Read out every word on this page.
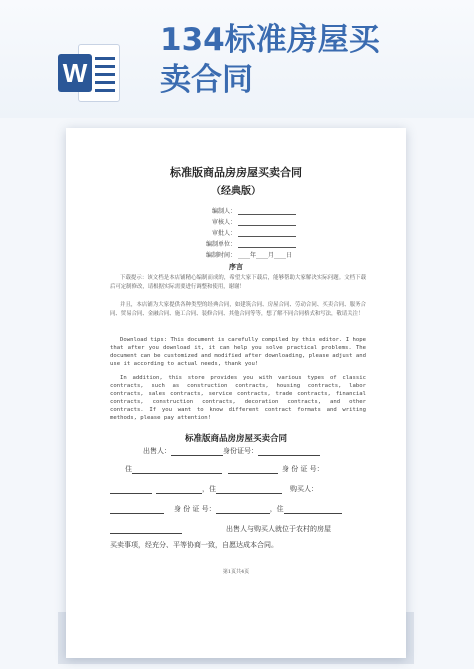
W
134标准房屋买
卖合同
标准版商品房房屋买卖合同
（经典版）
编制人：
审核人：
审批人：
编制单位：
编制时间： ____年____月____日
序言
下载提示：该文档是本店铺精心编制而成的，希望大家下载后，能够帮助大家解决实际问题。文档下载后可定制修改，请根据实际需要进行调整和使用，谢谢！
并且，本店铺为大家提供各种类型的经典合同，如建筑合同、房屋合同、劳动合同、买卖合同、服务合同、贸易合同、金融合同、施工合同、装修合同、其他合同等等，想了解不同合同格式和写法，敬请关注！
Download tips: This document is carefully compiled by this editor. I hope that after you download it, it can help you solve practical problems. The document can be customized and modified after downloading, please adjust and use it according to actual needs, thank you!
In addition, this store provides you with various types of classic contracts, such as construction contracts, housing contracts, labor contracts, sales contracts, service contracts, trade contracts, financial contracts, construction contracts, decoration contracts, and other contracts. If you want to know different contract formats and writing methods, please pay attention!
标准版商品房房屋买卖合同
出售人：	身份证号：
住	身 份 证 号：
，住	购买人：
身 份 证 号：	，住
出售人与购买人就位于农村的房屋
买卖事项，经充分、平等协商一致，自愿达成本合同。
第1页共4页
